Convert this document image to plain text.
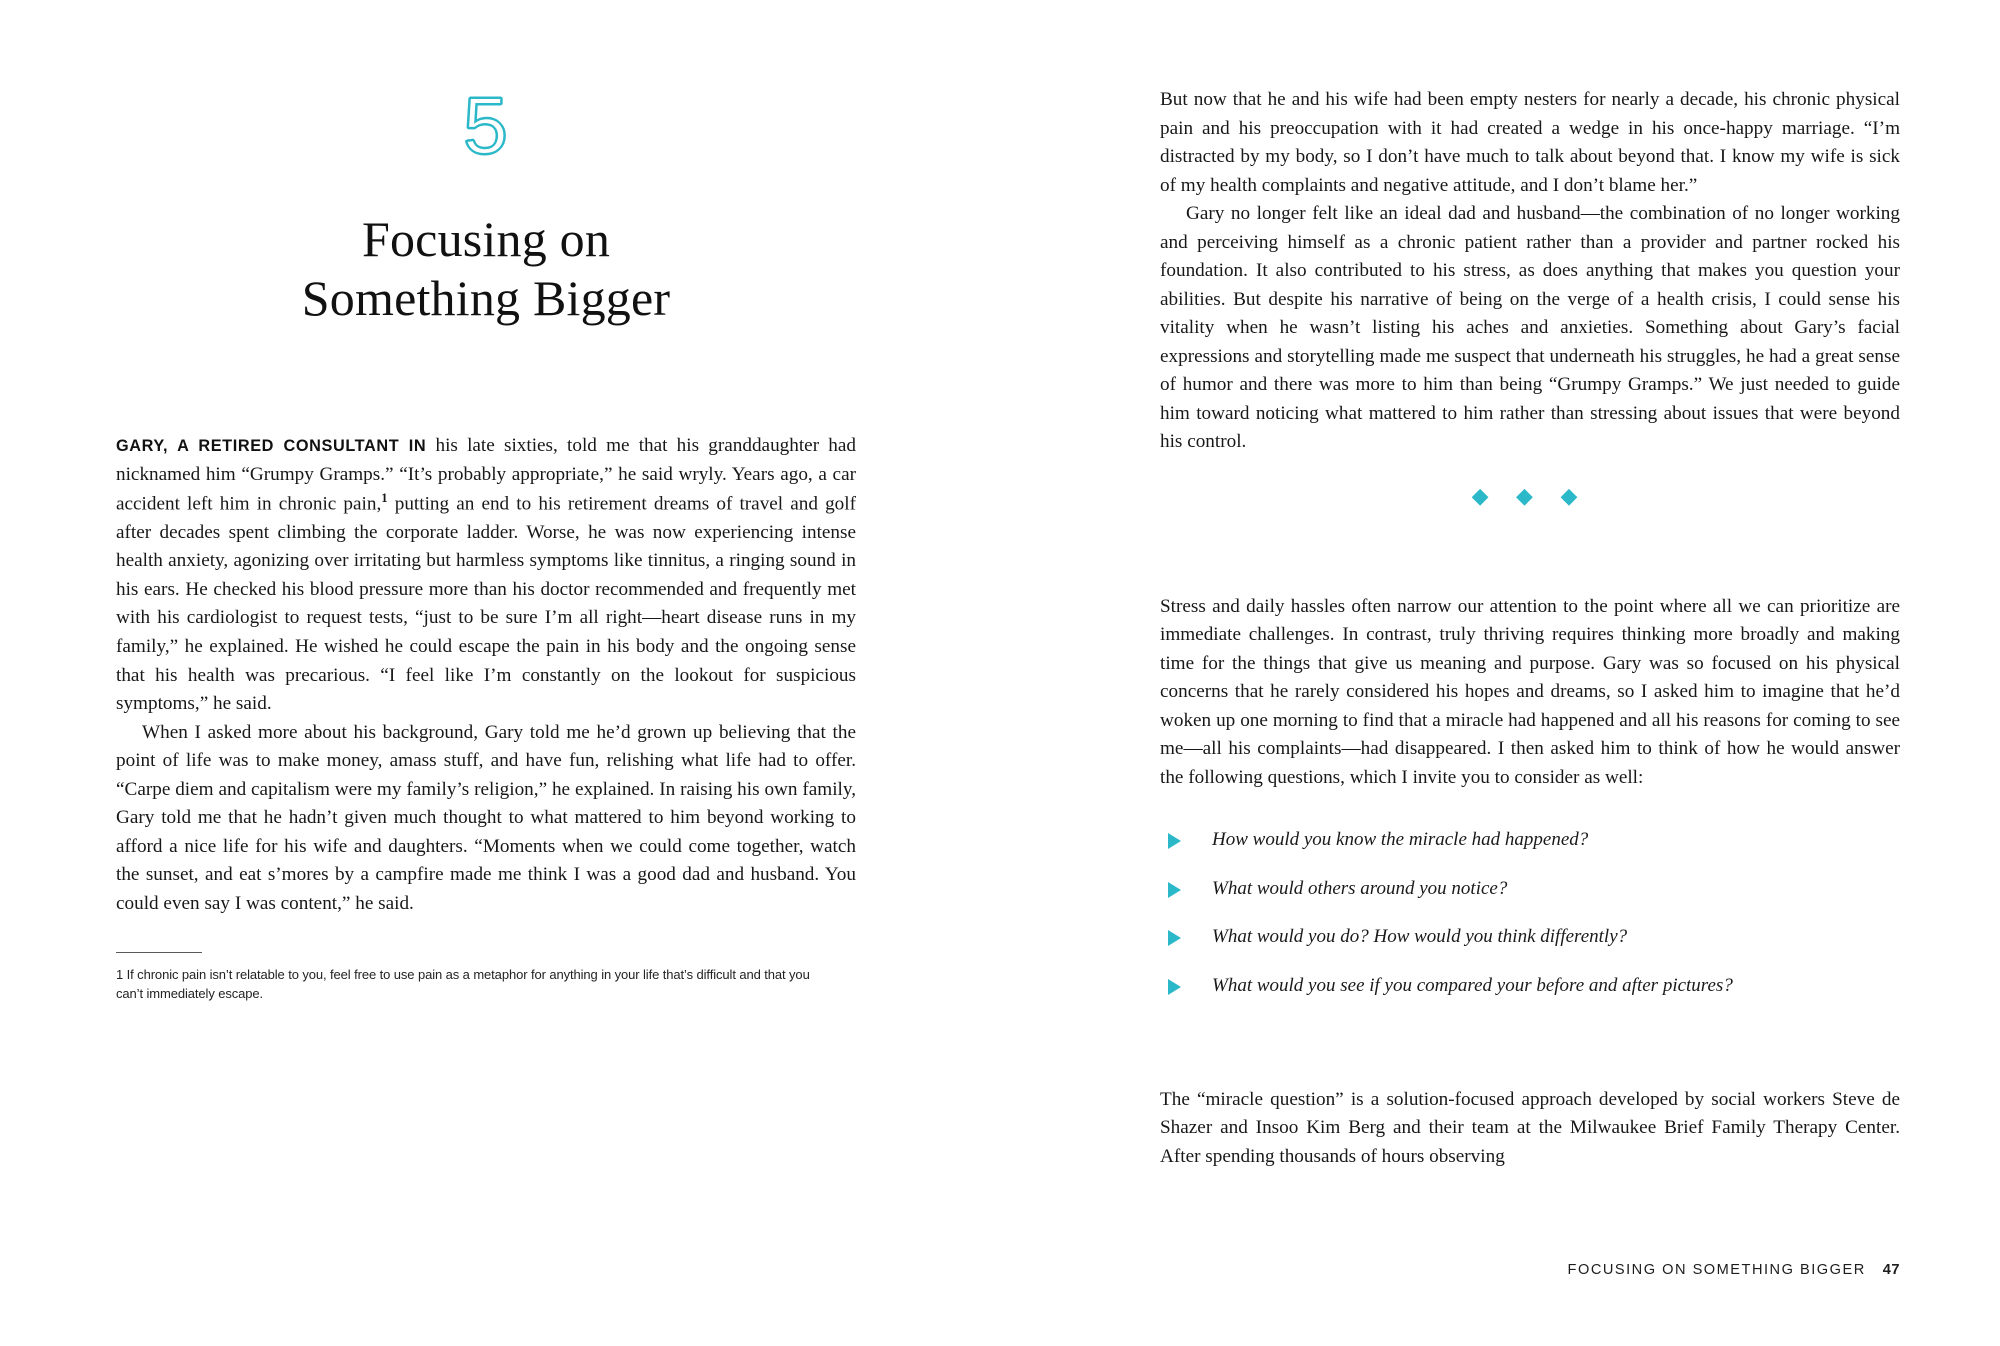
5
Focusing on
Something Bigger

GARY, A RETIRED CONSULTANT IN his late sixties, told me that his granddaughter had nicknamed him “Grumpy Gramps.” “It’s probably appropriate,” he said wryly. Years ago, a car accident left him in chronic pain,$^1$ putting an end to his retirement dreams of travel and golf after decades spent climbing the corporate ladder. Worse, he was now experiencing intense health anxiety, agonizing over irritating but harmless symptoms like tinnitus, a ringing sound in his ears. He checked his blood pressure more than his doctor recommended and frequently met with his cardiologist to request tests, “just to be sure I’m all right—heart disease runs in my family,” he explained. He wished he could escape the pain in his body and the ongoing sense that his health was precarious. “I feel like I’m constantly on the lookout for suspicious symptoms,” he said.

When I asked more about his background, Gary told me he’d grown up believing that the point of life was to make money, amass stuff, and have fun, relishing what life had to offer. “Carpe diem and capitalism were my family’s religion,” he explained. In raising his own family, Gary told me that he hadn’t given much thought to what mattered to him beyond working to afford a nice life for his wife and daughters. “Moments when we could come together, watch the sunset, and eat s’mores by a campfire made me think I was a good dad and husband. You could even say I was content,” he said.

1 If chronic pain isn’t relatable to you, feel free to use pain as a metaphor for anything in your life that’s difficult and that you can’t immediately escape.

But now that he and his wife had been empty nesters for nearly a decade, his chronic physical pain and his preoccupation with it had created a wedge in his once-happy marriage. “I’m distracted by my body, so I don’t have much to talk about beyond that. I know my wife is sick of my health complaints and negative attitude, and I don’t blame her.”

Gary no longer felt like an ideal dad and husband—the combination of no longer working and perceiving himself as a chronic patient rather than a provider and partner rocked his foundation. It also contributed to his stress, as does anything that makes you question your abilities. But despite his narrative of being on the verge of a health crisis, I could sense his vitality when he wasn’t listing his aches and anxieties. Something about Gary’s facial expressions and storytelling made me suspect that underneath his struggles, he had a great sense of humor and there was more to him than being “Grumpy Gramps.” We just needed to guide him toward noticing what mattered to him rather than stressing about issues that were beyond his control.

◆ ◆ ◆

Stress and daily hassles often narrow our attention to the point where all we can prioritize are immediate challenges. In contrast, truly thriving requires thinking more broadly and making time for the things that give us meaning and purpose. Gary was so focused on his physical concerns that he rarely considered his hopes and dreams, so I asked him to imagine that he’d woken up one morning to find that a miracle had happened and all his reasons for coming to see me—all his complaints—had disappeared. I then asked him to think of how he would answer the following questions, which I invite you to consider as well:

How would you know the miracle had happened?
What would others around you notice?
What would you do? How would you think differently?
What would you see if you compared your before and after pictures?

The “miracle question” is a solution-focused approach developed by social workers Steve de Shazer and Insoo Kim Berg and their team at the Milwaukee Brief Family Therapy Center. After spending thousands of hours observing

FOCUSING ON SOMETHING BIGGER 47
